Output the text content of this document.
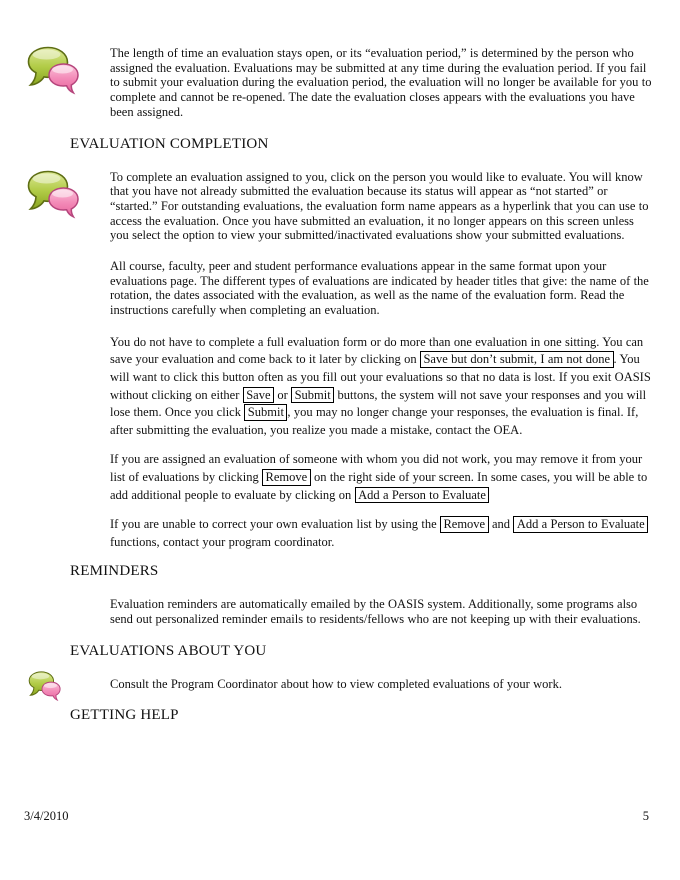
The length of time an evaluation stays open, or its “evaluation period,” is determined by the person who assigned the evaluation. Evaluations may be submitted at any time during the evaluation period. If you fail to submit your evaluation during the evaluation period, the evaluation will no longer be available for you to complete and cannot be re-opened. The date the evaluation closes appears with the evaluations you have been assigned.

EVALUATION COMPLETION

To complete an evaluation assigned to you, click on the person you would like to evaluate. You will know that you have not already submitted the evaluation because its status will appear as “not started” or “started.” For outstanding evaluations, the evaluation form name appears as a hyperlink that you can use to access the evaluation. Once you have submitted an evaluation, it no longer appears on this screen unless you select the option to view your submitted/inactivated evaluations show your submitted evaluations.

All course, faculty, peer and student performance evaluations appear in the same format upon your evaluations page. The different types of evaluations are indicated by header titles that give: the name of the rotation, the dates associated with the evaluation, as well as the name of the evaluation form. Read the instructions carefully when completing an evaluation.

You do not have to complete a full evaluation form or do more than one evaluation in one sitting. You can save your evaluation and come back to it later by clicking on Save but don’t submit, I am not done . You will want to click this button often as you fill out your evaluations so that no data is lost. If you exit OASIS without clicking on either Save or Submit buttons, the system will not save your responses and you will lose them. Once you click Submit , you may no longer change your responses, the evaluation is final. If, after submitting the evaluation, you realize you made a mistake, contact the OEA.

If you are assigned an evaluation of someone with whom you did not work, you may remove it from your list of evaluations by clicking Remove on the right side of your screen. In some cases, you will be able to add additional people to evaluate by clicking on Add a Person to Evaluate

If you are unable to correct your own evaluation list by using the Remove and Add a Person to Evaluate functions, contact your program coordinator.

REMINDERS

Evaluation reminders are automatically emailed by the OASIS system. Additionally, some programs also send out personalized reminder emails to residents/fellows who are not keeping up with their evaluations.

EVALUATIONS ABOUT YOU

Consult the Program Coordinator about how to view completed evaluations of your work.

GETTING HELP
3/4/2010	5
